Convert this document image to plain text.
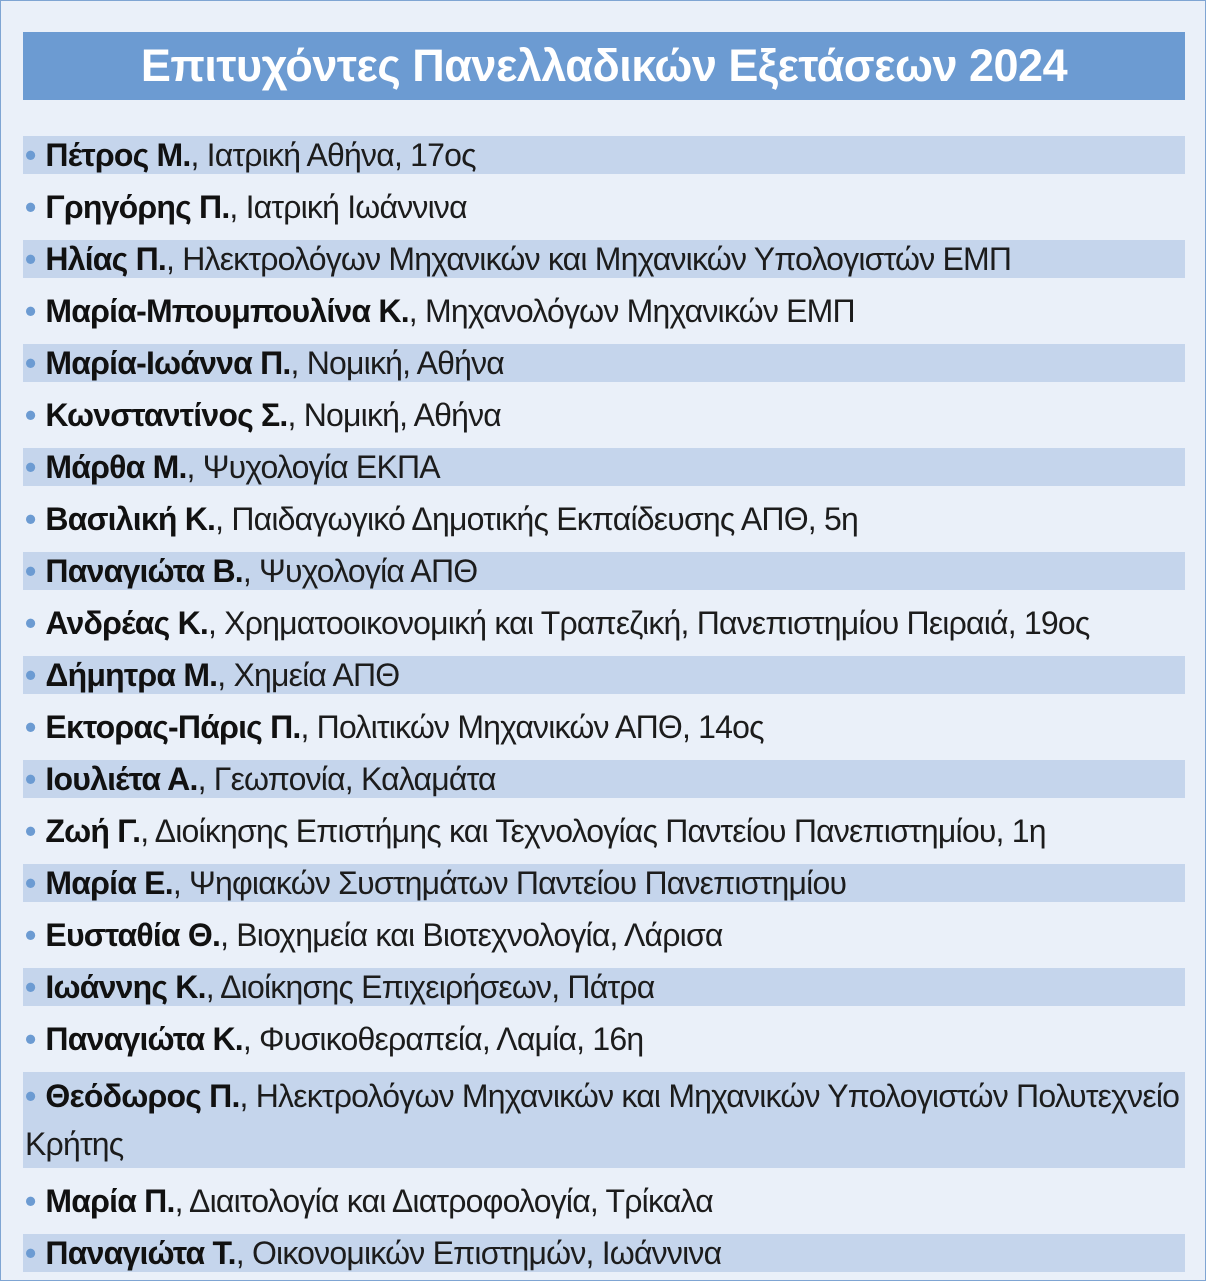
Επιτυχόντες Πανελλαδικών Εξετάσεων 2024
• Πέτρος Μ., Ιατρική Αθήνα, 17ος
• Γρηγόρης Π., Ιατρική Ιωάννινα
• Ηλίας Π., Ηλεκτρολόγων Μηχανικών και Μηχανικών Υπολογιστών ΕΜΠ
• Μαρία-Μπουμπουλίνα Κ., Μηχανολόγων Μηχανικών ΕΜΠ
• Μαρία-Ιωάννα Π., Νομική, Αθήνα
• Κωνσταντίνος Σ., Νομική, Αθήνα
• Μάρθα Μ., Ψυχολογία ΕΚΠΑ
• Βασιλική Κ., Παιδαγωγικό Δημοτικής Εκπαίδευσης ΑΠΘ, 5η
• Παναγιώτα Β., Ψυχολογία ΑΠΘ
• Ανδρέας Κ., Χρηματοοικονομική και Τραπεζική, Πανεπιστημίου Πειραιά, 19ος
• Δήμητρα Μ., Χημεία ΑΠΘ
• Εκτορας-Πάρις Π., Πολιτικών Μηχανικών ΑΠΘ, 14ος
• Ιουλιέτα Α., Γεωπονία, Καλαμάτα
• Ζωή Γ., Διοίκησης Επιστήμης και Τεχνολογίας Παντείου Πανεπιστημίου, 1η
• Μαρία Ε., Ψηφιακών Συστημάτων Παντείου Πανεπιστημίου
• Ευσταθία Θ., Βιοχημεία και Βιοτεχνολογία, Λάρισα
• Ιωάννης Κ., Διοίκησης Επιχειρήσεων, Πάτρα
• Παναγιώτα Κ., Φυσικοθεραπεία, Λαμία, 16η
• Θεόδωρος Π., Ηλεκτρολόγων Μηχανικών και Μηχανικών Υπολογιστών Πολυτεχνείο Κρήτης
• Μαρία Π., Διαιτολογία και Διατροφολογία, Τρίκαλα
• Παναγιώτα Τ., Οικονομικών Επιστημών, Ιωάννινα
